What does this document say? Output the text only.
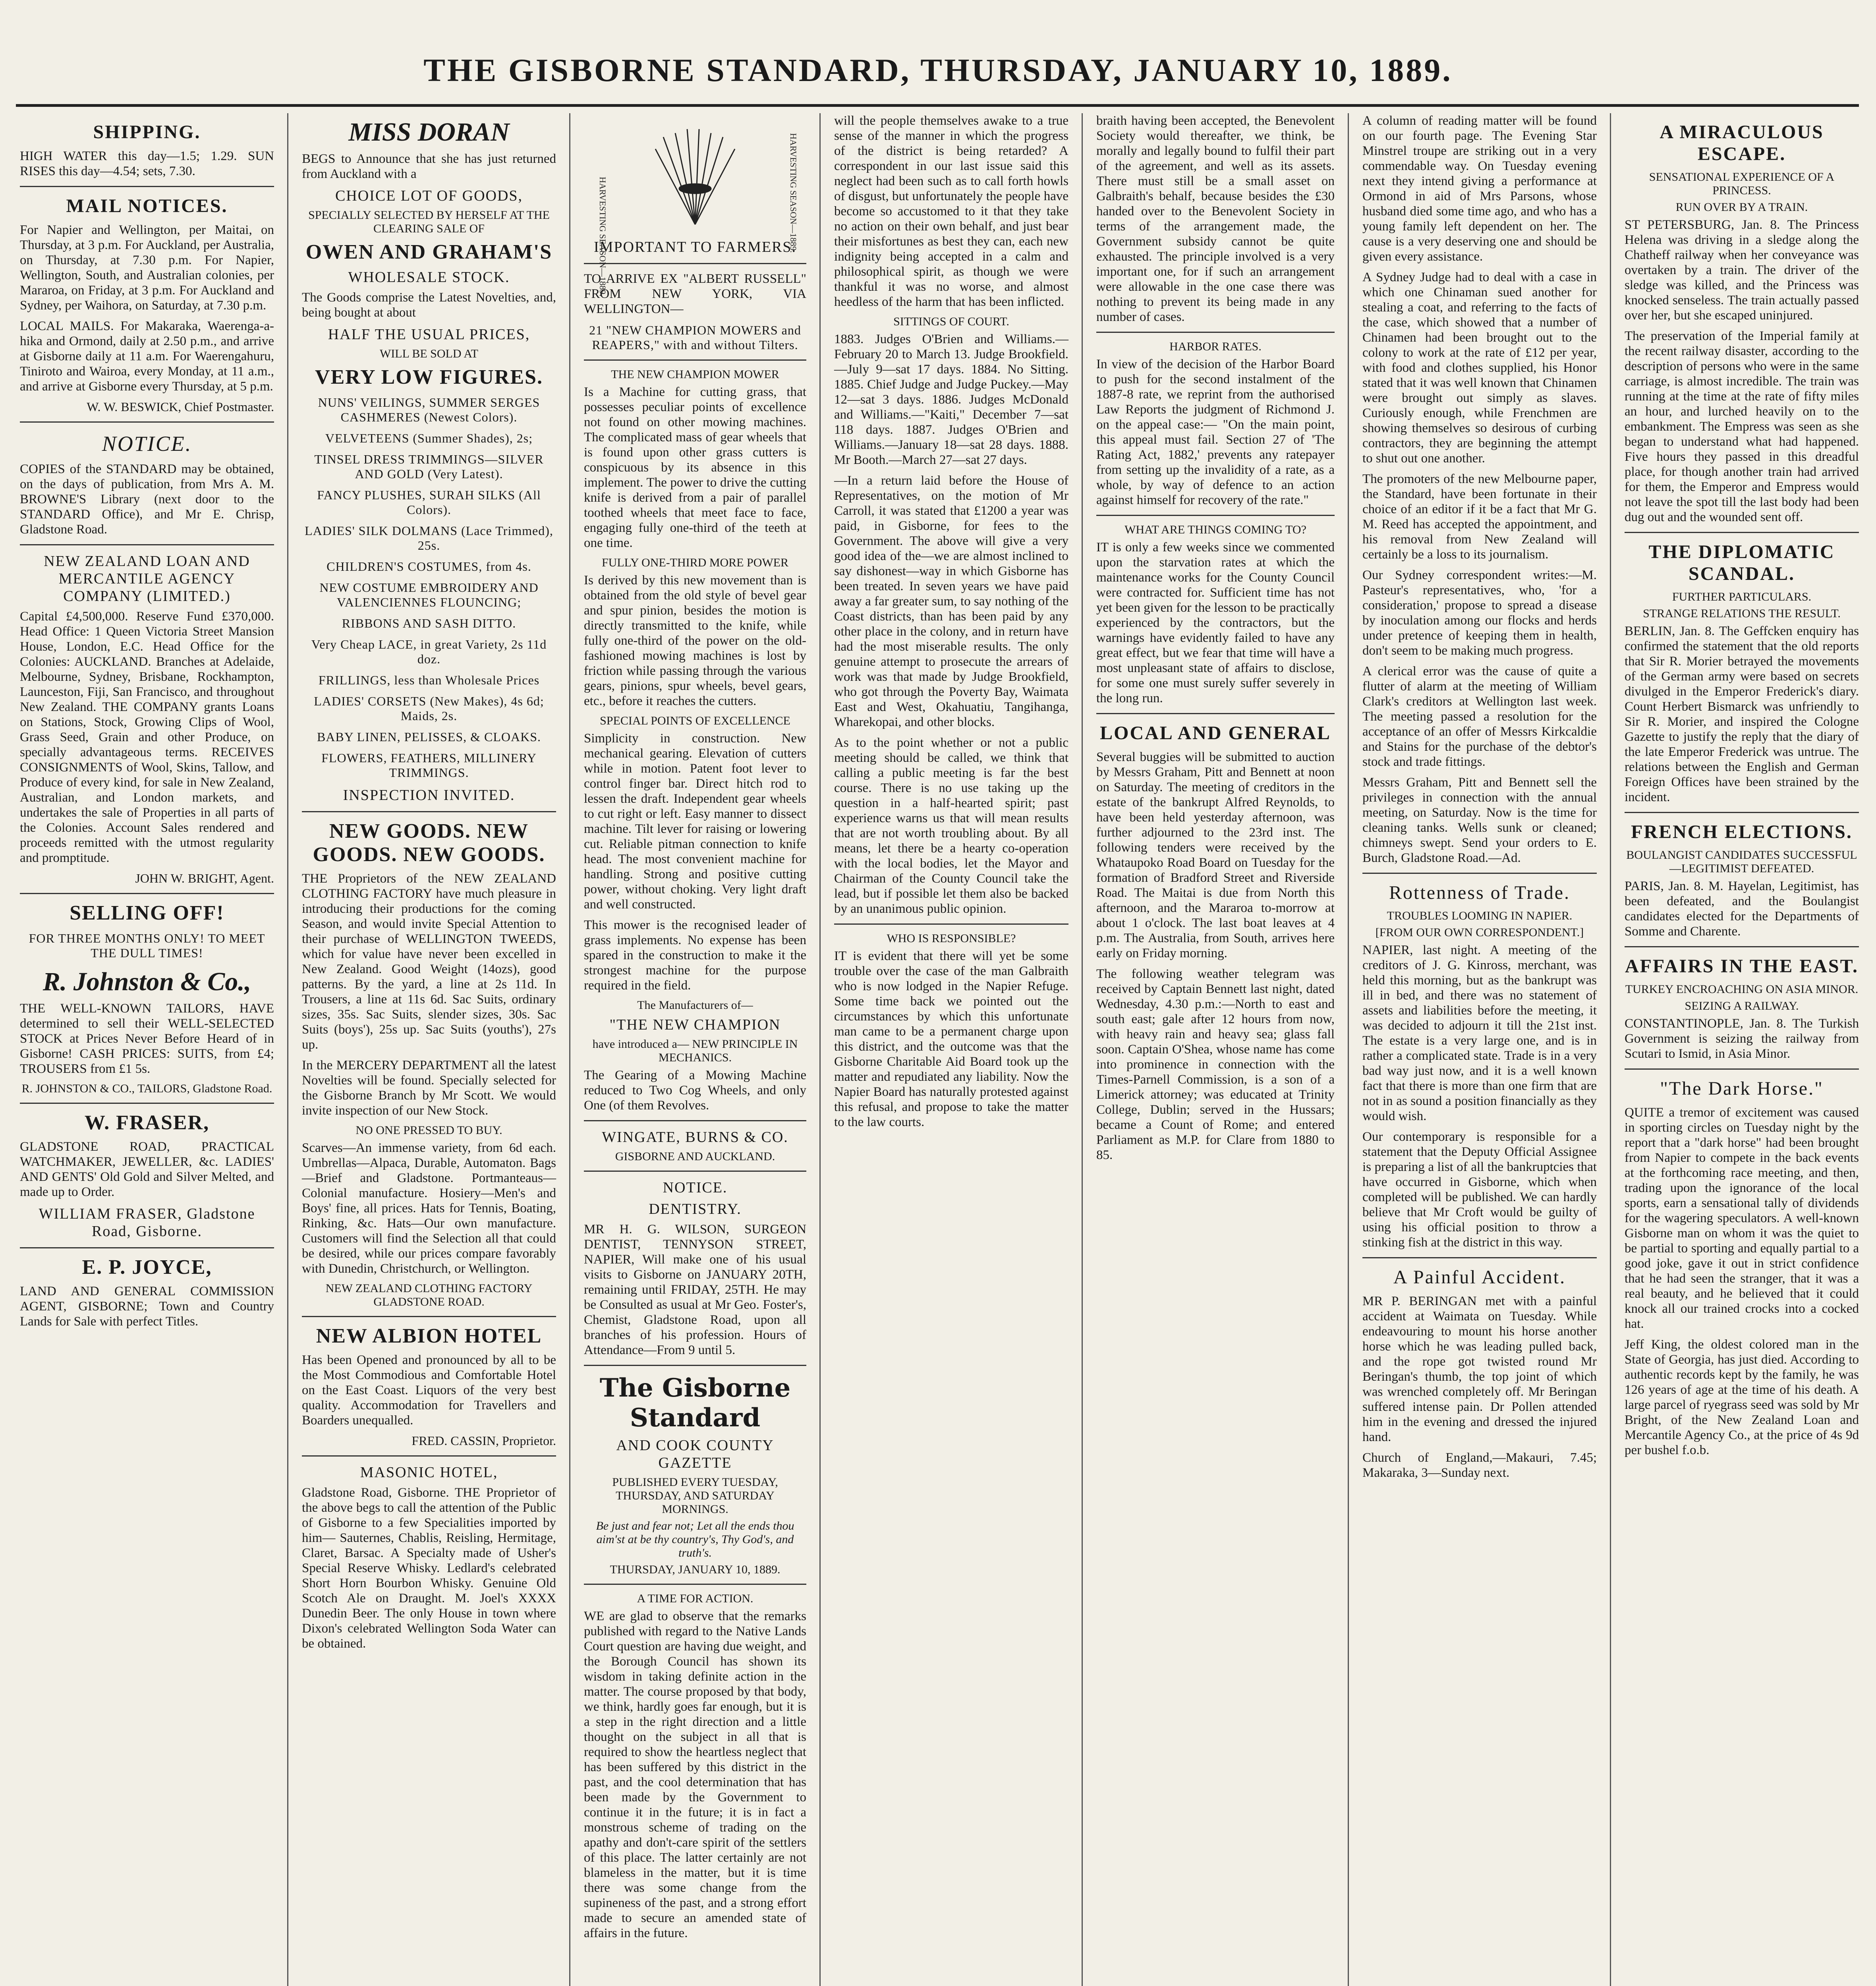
THE GISBORNE STANDARD, THURSDAY, JANUARY 10, 1889.
SHIPPING.

HIGH WATER this day—1.5; 1.29. SUN RISES this day—4.54; sets, 7.30.

MAIL NOTICES.

For Napier and Wellington, per Maitai, on Thursday, at 3 p.m. For Auckland, per Australia, on Thursday, at 7.30 p.m. For Napier, Wellington, South, and Australian colonies, per Mararoa, on Friday, at 3 p.m. For Auckland and Sydney, per Waihora, on Saturday, at 7.30 p.m.

LOCAL MAILS. For Makaraka, Waerenga-a-hika and Ormond, daily at 2.50 p.m., and arrive at Gisborne daily at 11 a.m. For Waerengahuru, Tiniroto and Wairoa, every Monday, at 11 a.m., and arrive at Gisborne every Thursday, at 5 p.m.

W. W. BESWICK, Chief Postmaster.
NOTICE.

COPIES of the STANDARD may be obtained, on the days of publication, from Mrs A. M. BROWNE'S Library (next door to the STANDARD Office), and Mr E. Chrisp, Gladstone Road.

NEW ZEALAND LOAN AND MERCANTILE AGENCY COMPANY (LIMITED.)

Capital £4,500,000. Reserve Fund £370,000. Head Office: 1 Queen Victoria Street Mansion House, London, E.C. Head Office for the Colonies: AUCKLAND. Branches at Adelaide, Melbourne, Sydney, Brisbane, Rockhampton, Launceston, Fiji, San Francisco, and throughout New Zealand. THE COMPANY grants Loans on Stations, Stock, Growing Clips of Wool, Grass Seed, Grain and other Produce, on specially advantageous terms. RECEIVES CONSIGNMENTS of Wool, Skins, Tallow, and Produce of every kind, for sale in New Zealand, Australian, and London markets, and undertakes the sale of Properties in all parts of the Colonies. Account Sales rendered and proceeds remitted with the utmost regularity and promptitude.

JOHN W. BRIGHT, Agent.
SELLING OFF!
FOR THREE MONTHS ONLY! TO MEET THE DULL TIMES!
R. Johnston & Co.,

THE WELL-KNOWN TAILORS, HAVE determined to sell their WELL-SELECTED STOCK at Prices Never Before Heard of in Gisborne! CASH PRICES: SUITS, from £4; TROUSERS from £1 5s.

R. JOHNSTON & CO., TAILORS, Gladstone Road.
W. FRASER,

GLADSTONE ROAD, PRACTICAL WATCHMAKER, JEWELLER, &c. LADIES' AND GENTS' Old Gold and Silver Melted, and made up to Order.

WILLIAM FRASER, Gladstone Road, Gisborne.
E. P. JOYCE,

LAND AND GENERAL COMMISSION AGENT, GISBORNE; Town and Country Lands for Sale with perfect Titles.

MISS DORAN

BEGS to Announce that she has just returned from Auckland with a

CHOICE LOT OF GOODS,
SPECIALLY SELECTED BY HERSELF AT THE CLEARING SALE OF
OWEN AND GRAHAM'S
WHOLESALE STOCK.

The Goods comprise the Latest Novelties, and, being bought at about

HALF THE USUAL PRICES,
WILL BE SOLD AT
VERY LOW FIGURES.
NUNS' VEILINGS, SUMMER SERGES CASHMERES (Newest Colors).
VELVETEENS (Summer Shades), 2s;
TINSEL DRESS TRIMMINGS—SILVER AND GOLD (Very Latest).
FANCY PLUSHES, SURAH SILKS (All Colors).
LADIES' SILK DOLMANS (Lace Trimmed), 25s.
CHILDREN'S COSTUMES, from 4s.
NEW COSTUME EMBROIDERY AND VALENCIENNES FLOUNCING;
RIBBONS AND SASH DITTO.
Very Cheap LACE, in great Variety, 2s 11d doz.
FRILLINGS, less than Wholesale Prices
LADIES' CORSETS (New Makes), 4s 6d; Maids, 2s.
BABY LINEN, PELISSES, & CLOAKS.
FLOWERS, FEATHERS, MILLINERY TRIMMINGS.
INSPECTION INVITED.
NEW GOODS. NEW GOODS. NEW GOODS.

THE Proprietors of the NEW ZEALAND CLOTHING FACTORY have much pleasure in introducing their productions for the coming Season, and would invite Special Attention to their purchase of WELLINGTON TWEEDS, which for value have never been excelled in New Zealand. Good Weight (14ozs), good patterns. By the yard, a line at 2s 11d. In Trousers, a line at 11s 6d. Sac Suits, ordinary sizes, 35s. Sac Suits, slender sizes, 30s. Sac Suits (boys'), 25s up. Sac Suits (youths'), 27s up.

In the MERCERY DEPARTMENT all the latest Novelties will be found. Specially selected for the Gisborne Branch by Mr Scott. We would invite inspection of our New Stock.

NO ONE PRESSED TO BUY.

Scarves—An immense variety, from 6d each. Umbrellas—Alpaca, Durable, Automaton. Bags—Brief and Gladstone. Portmanteaus—Colonial manufacture. Hosiery—Men's and Boys' fine, all prices. Hats for Tennis, Boating, Rinking, &c. Hats—Our own manufacture. Customers will find the Selection all that could be desired, while our prices compare favorably with Dunedin, Christchurch, or Wellington.

NEW ZEALAND CLOTHING FACTORY GLADSTONE ROAD.
NEW ALBION HOTEL

Has been Opened and pronounced by all to be the Most Commodious and Comfortable Hotel on the East Coast. Liquors of the very best quality. Accommodation for Travellers and Boarders unequalled.

FRED. CASSIN, Proprietor.
MASONIC HOTEL,

Gladstone Road, Gisborne. THE Proprietor of the above begs to call the attention of the Public of Gisborne to a few Specialities imported by him— Sauternes, Chablis, Reisling, Hermitage, Claret, Barsac. A Specialty made of Usher's Special Reserve Whisky. Ledlard's celebrated Short Horn Bourbon Whisky. Genuine Old Scotch Ale on Draught. M. Joel's XXXX Dunedin Beer. The only House in town where Dixon's celebrated Wellington Soda Water can be obtained.

HARVESTING SEASON—1889.	HARVESTING SEASON—1889.
IMPORTANT TO FARMERS.

TO ARRIVE EX "ALBERT RUSSELL" FROM NEW YORK, VIA WELLINGTON—

21 "NEW CHAMPION MOWERS and REAPERS," with and without Tilters.
THE NEW CHAMPION MOWER

Is a Machine for cutting grass, that possesses peculiar points of excellence not found on other mowing machines. The complicated mass of gear wheels that is found upon other grass cutters is conspicuous by its absence in this implement. The power to drive the cutting knife is derived from a pair of parallel toothed wheels that meet face to face, engaging fully one-third of the teeth at one time.

FULLY ONE-THIRD MORE POWER

Is derived by this new movement than is obtained from the old style of bevel gear and spur pinion, besides the motion is directly transmitted to the knife, while fully one-third of the power on the old-fashioned mowing machines is lost by friction while passing through the various gears, pinions, spur wheels, bevel gears, etc., before it reaches the cutters.

SPECIAL POINTS OF EXCELLENCE

Simplicity in construction. New mechanical gearing. Elevation of cutters while in motion. Patent foot lever to control finger bar. Direct hitch rod to lessen the draft. Independent gear wheels to cut right or left. Easy manner to dissect machine. Tilt lever for raising or lowering cut. Reliable pitman connection to knife head. The most convenient machine for handling. Strong and positive cutting power, without choking. Very light draft and well constructed.

This mower is the recognised leader of grass implements. No expense has been spared in the construction to make it the strongest machine for the purpose required in the field.

The Manufacturers of—
"THE NEW CHAMPION
have introduced a— NEW PRINCIPLE IN MECHANICS.

The Gearing of a Mowing Machine reduced to Two Cog Wheels, and only One (of them Revolves.

WINGATE, BURNS & CO.
GISBORNE AND AUCKLAND.
NOTICE.
DENTISTRY.

MR H. G. WILSON, SURGEON DENTIST, TENNYSON STREET, NAPIER, Will make one of his usual visits to Gisborne on JANUARY 20TH, remaining until FRIDAY, 25TH. He may be Consulted as usual at Mr Geo. Foster's, Chemist, Gladstone Road, upon all branches of his profession. Hours of Attendance—From 9 until 5.

The Gisborne Standard
AND COOK COUNTY GAZETTE
PUBLISHED EVERY TUESDAY, THURSDAY, AND SATURDAY MORNINGS.
Be just and fear not; Let all the ends thou aim'st at be thy country's, Thy God's, and truth's.
THURSDAY, JANUARY 10, 1889.
A TIME FOR ACTION.

WE are glad to observe that the remarks published with regard to the Native Lands Court question are having due weight, and the Borough Council has shown its wisdom in taking definite action in the matter. The course proposed by that body, we think, hardly goes far enough, but it is a step in the right direction and a little thought on the subject in all that is required to show the heartless neglect that has been suffered by this district in the past, and the cool determination that has been made by the Government to continue it in the future; it is in fact a monstrous scheme of trading on the apathy and don't-care spirit of the settlers of this place. The latter certainly are not blameless in the matter, but it is time there was some change from the supineness of the past, and a strong effort made to secure an amended state of affairs in the future.

will the people themselves awake to a true sense of the manner in which the progress of the district is being retarded? A correspondent in our last issue said this neglect had been such as to call forth howls of disgust, but unfortunately the people have become so accustomed to it that they take no action on their own behalf, and just bear their misfortunes as best they can, each new indignity being accepted in a calm and philosophical spirit, as though we were thankful it was no worse, and almost heedless of the harm that has been inflicted.

SITTINGS OF COURT.

1883. Judges O'Brien and Williams.—February 20 to March 13. Judge Brookfield.—July 9—sat 17 days. 1884. No Sitting. 1885. Chief Judge and Judge Puckey.—May 12—sat 3 days. 1886. Judges McDonald and Williams.—"Kaiti," December 7—sat 118 days. 1887. Judges O'Brien and Williams.—January 18—sat 28 days. 1888. Mr Booth.—March 27—sat 27 days.

—In a return laid before the House of Representatives, on the motion of Mr Carroll, it was stated that £1200 a year was paid, in Gisborne, for fees to the Government. The above will give a very good idea of the—we are almost inclined to say dishonest—way in which Gisborne has been treated. In seven years we have paid away a far greater sum, to say nothing of the Coast districts, than has been paid by any other place in the colony, and in return have had the most miserable results. The only genuine attempt to prosecute the arrears of work was that made by Judge Brookfield, who got through the Poverty Bay, Waimata East and West, Okahuatiu, Tangihanga, Wharekopai, and other blocks.

As to the point whether or not a public meeting should be called, we think that calling a public meeting is far the best course. There is no use taking up the question in a half-hearted spirit; past experience warns us that will mean results that are not worth troubling about. By all means, let there be a hearty co-operation with the local bodies, let the Mayor and Chairman of the County Council take the lead, but if possible let them also be backed by an unanimous public opinion.

WHO IS RESPONSIBLE?

IT is evident that there will yet be some trouble over the case of the man Galbraith who is now lodged in the Napier Refuge. Some time back we pointed out the circumstances by which this unfortunate man came to be a permanent charge upon this district, and the outcome was that the Gisborne Charitable Aid Board took up the matter and repudiated any liability. Now the Napier Board has naturally protested against this refusal, and propose to take the matter to the law courts.

braith having been accepted, the Benevolent Society would thereafter, we think, be morally and legally bound to fulfil their part of the agreement, and well as its assets. There must still be a small asset on Galbraith's behalf, because besides the £30 handed over to the Benevolent Society in terms of the arrangement made, the Government subsidy cannot be quite exhausted. The principle involved is a very important one, for if such an arrangement were allowable in the one case there was nothing to prevent its being made in any number of cases.

HARBOR RATES.

In view of the decision of the Harbor Board to push for the second instalment of the 1887-8 rate, we reprint from the authorised Law Reports the judgment of Richmond J. on the appeal case:— "On the main point, this appeal must fail. Section 27 of 'The Rating Act, 1882,' prevents any ratepayer from setting up the invalidity of a rate, as a whole, by way of defence to an action against himself for recovery of the rate."

WHAT ARE THINGS COMING TO?

IT is only a few weeks since we commented upon the starvation rates at which the maintenance works for the County Council were contracted for. Sufficient time has not yet been given for the lesson to be practically experienced by the contractors, but the warnings have evidently failed to have any great effect, but we fear that time will have a most unpleasant state of affairs to disclose, for some one must surely suffer severely in the long run.

LOCAL AND GENERAL

Several buggies will be submitted to auction by Messrs Graham, Pitt and Bennett at noon on Saturday. The meeting of creditors in the estate of the bankrupt Alfred Reynolds, to have been held yesterday afternoon, was further adjourned to the 23rd inst. The following tenders were received by the Whataupoko Road Board on Tuesday for the formation of Bradford Street and Riverside Road. The Maitai is due from North this afternoon, and the Mararoa to-morrow at about 1 o'clock. The last boat leaves at 4 p.m. The Australia, from South, arrives here early on Friday morning.

The following weather telegram was received by Captain Bennett last night, dated Wednesday, 4.30 p.m.:—North to east and south east; gale after 12 hours from now, with heavy rain and heavy sea; glass fall soon. Captain O'Shea, whose name has come into prominence in connection with the Times-Parnell Commission, is a son of a Limerick attorney; was educated at Trinity College, Dublin; served in the Hussars; became a Count of Rome; and entered Parliament as M.P. for Clare from 1880 to 85.

A column of reading matter will be found on our fourth page. The Evening Star Minstrel troupe are striking out in a very commendable way. On Tuesday evening next they intend giving a performance at Ormond in aid of Mrs Parsons, whose husband died some time ago, and who has a young family left dependent on her. The cause is a very deserving one and should be given every assistance.

A Sydney Judge had to deal with a case in which one Chinaman sued another for stealing a coat, and referring to the facts of the case, which showed that a number of Chinamen had been brought out to the colony to work at the rate of £12 per year, with food and clothes supplied, his Honor stated that it was well known that Chinamen were brought out simply as slaves. Curiously enough, while Frenchmen are showing themselves so desirous of curbing contractors, they are beginning the attempt to shut out one another.

The promoters of the new Melbourne paper, the Standard, have been fortunate in their choice of an editor if it be a fact that Mr G. M. Reed has accepted the appointment, and his removal from New Zealand will certainly be a loss to its journalism.

Our Sydney correspondent writes:—M. Pasteur's representatives, who, 'for a consideration,' propose to spread a disease by inoculation among our flocks and herds under pretence of keeping them in health, don't seem to be making much progress.

A clerical error was the cause of quite a flutter of alarm at the meeting of William Clark's creditors at Wellington last week. The meeting passed a resolution for the acceptance of an offer of Messrs Kirkcaldie and Stains for the purchase of the debtor's stock and trade fittings.

Messrs Graham, Pitt and Bennett sell the privileges in connection with the annual meeting, on Saturday. Now is the time for cleaning tanks. Wells sunk or cleaned; chimneys swept. Send your orders to E. Burch, Gladstone Road.—Ad.

Rottenness of Trade.
TROUBLES LOOMING IN NAPIER.
[FROM OUR OWN CORRESPONDENT.]

NAPIER, last night. A meeting of the creditors of J. G. Kinross, merchant, was held this morning, but as the bankrupt was ill in bed, and there was no statement of assets and liabilities before the meeting, it was decided to adjourn it till the 21st inst. The estate is a very large one, and is in rather a complicated state. Trade is in a very bad way just now, and it is a well known fact that there is more than one firm that are not in as sound a position financially as they would wish.

Our contemporary is responsible for a statement that the Deputy Official Assignee is preparing a list of all the bankruptcies that have occurred in Gisborne, which when completed will be published. We can hardly believe that Mr Croft would be guilty of using his official position to throw a stinking fish at the district in this way.

A Painful Accident.

MR P. BERINGAN met with a painful accident at Waimata on Tuesday. While endeavouring to mount his horse another horse which he was leading pulled back, and the rope got twisted round Mr Beringan's thumb, the top joint of which was wrenched completely off. Mr Beringan suffered intense pain. Dr Pollen attended him in the evening and dressed the injured hand.

Church of England,—Makauri, 7.45; Makaraka, 3—Sunday next.

A MIRACULOUS ESCAPE.
SENSATIONAL EXPERIENCE OF A PRINCESS.
RUN OVER BY A TRAIN.

ST PETERSBURG, Jan. 8. The Princess Helena was driving in a sledge along the Chatheff railway when her conveyance was overtaken by a train. The driver of the sledge was killed, and the Princess was knocked senseless. The train actually passed over her, but she escaped uninjured.

The preservation of the Imperial family at the recent railway disaster, according to the description of persons who were in the same carriage, is almost incredible. The train was running at the time at the rate of fifty miles an hour, and lurched heavily on to the embankment. The Empress was seen as she began to understand what had happened. Five hours they passed in this dreadful place, for though another train had arrived for them, the Emperor and Empress would not leave the spot till the last body had been dug out and the wounded sent off.

THE DIPLOMATIC SCANDAL.
FURTHER PARTICULARS.
STRANGE RELATIONS THE RESULT.

BERLIN, Jan. 8. The Geffcken enquiry has confirmed the statement that the old reports that Sir R. Morier betrayed the movements of the German army were based on secrets divulged in the Emperor Frederick's diary. Count Herbert Bismarck was unfriendly to Sir R. Morier, and inspired the Cologne Gazette to justify the reply that the diary of the late Emperor Frederick was untrue. The relations between the English and German Foreign Offices have been strained by the incident.

FRENCH ELECTIONS.
BOULANGIST CANDIDATES SUCCESSFUL—LEGITIMIST DEFEATED.

PARIS, Jan. 8. M. Hayelan, Legitimist, has been defeated, and the Boulangist candidates elected for the Departments of Somme and Charente.

AFFAIRS IN THE EAST.
TURKEY ENCROACHING ON ASIA MINOR.
SEIZING A RAILWAY.

CONSTANTINOPLE, Jan. 8. The Turkish Government is seizing the railway from Scutari to Ismid, in Asia Minor.

"The Dark Horse."

QUITE a tremor of excitement was caused in sporting circles on Tuesday night by the report that a "dark horse" had been brought from Napier to compete in the back events at the forthcoming race meeting, and then, trading upon the ignorance of the local sports, earn a sensational tally of dividends for the wagering speculators. A well-known Gisborne man on whom it was the quiet to be partial to sporting and equally partial to a good joke, gave it out in strict confidence that he had seen the stranger, that it was a real beauty, and he believed that it could knock all our trained crocks into a cocked hat.

Jeff King, the oldest colored man in the State of Georgia, has just died. According to authentic records kept by the family, he was 126 years of age at the time of his death. A large parcel of ryegrass seed was sold by Mr Bright, of the New Zealand Loan and Mercantile Agency Co., at the price of 4s 9d per bushel f.o.b.
